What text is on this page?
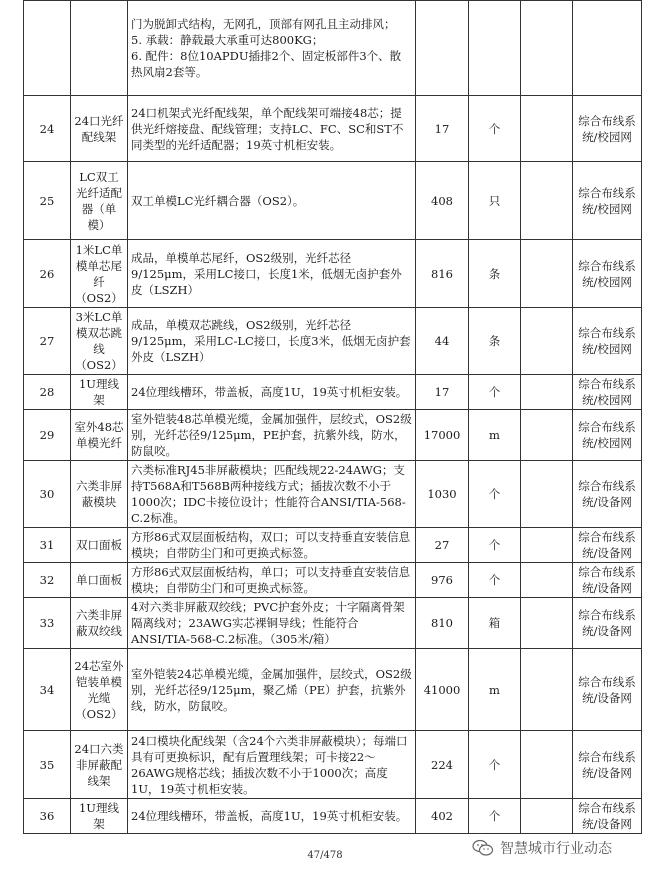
		门为脱卸式结构，无网孔，顶部有网孔且主动排风；
5. 承载：静载最大承重可达800KG；
6. 配件：8位10APDU插排2个、固定板部件3个、散热风扇2套等。				

24	24口光纤配线架	24口机架式光纤配线架，单个配线架可端接48芯；提供光纤熔接盘、配线管理；支持LC、FC、SC和ST不同类型的光纤适配器；19英寸机柜安装。	17	个		综合布线系统/校园网
25	LC双工光纤适配器（单模）	双工单模LC光纤耦合器（OS2）。	408	只		综合布线系统/校园网
26	1米LC单模单芯尾纤（OS2）	成品，单模单芯尾纤，OS2级别，光纤芯径9/125μm，采用LC接口，长度1米，低烟无卤护套外皮（LSZH）	816	条		综合布线系统/校园网
27	3米LC单模双芯跳线（OS2）	成品，单模双芯跳线，OS2级别，光纤芯径9/125μm，采用LC-LC接口，长度3米，低烟无卤护套外皮（LSZH）	44	条		综合布线系统/校园网
28	1U理线架	24位理线槽环，带盖板，高度1U，19英寸机柜安装。	17	个		综合布线系统/校园网
29	室外48芯单模光纤	室外铠装48芯单模光缆，金属加强件，层绞式，OS2级别，光纤芯径9/125μm，PE护套，抗紫外线，防水，防鼠咬。	17000	m		综合布线系统/校园网
30	六类非屏蔽模块	六类标准RJ45非屏蔽模块；匹配线规22-24AWG；支持T568A和T568B两种接线方式；插拔次数不小于1000次；IDC卡接位设计；性能符合ANSI/TIA-568-C.2标准。	1030	个		综合布线系统/设备网
31	双口面板	方形86式双层面板结构，双口；可以支持垂直安装信息模块；自带防尘门和可更换式标签。	27	个		综合布线系统/设备网
32	单口面板	方形86式双层面板结构，单口；可以支持垂直安装信息模块；自带防尘门和可更换式标签。	976	个		综合布线系统/设备网
33	六类非屏蔽双绞线	4对六类非屏蔽双绞线；PVC护套外皮；十字隔离骨架隔离线对；23AWG实芯裸铜导线；性能符合ANSI/TIA-568-C.2标准。（305米/箱）	810	箱		综合布线系统/设备网
34	24芯室外铠装单模光缆（OS2）	室外铠装24芯单模光缆，金属加强件，层绞式，OS2级别，光纤芯径9/125μm，聚乙烯（PE）护套，抗紫外线，防水，防鼠咬。	41000	m		综合布线系统/设备网
35	24口六类非屏蔽配线架	24口模块化配线架（含24个六类非屏蔽模块）；每端口具有可更换标识，配有后置理线架；可卡接22～26AWG规格芯线；插拔次数不小于1000次；高度1U，19英寸机柜安装。	224	个		综合布线系统/设备网
36	1U理线架	24位理线槽环，带盖板，高度1U，19英寸机柜安装。	402	个		综合布线系统/设备网
47/478	智慧城市行业动态
